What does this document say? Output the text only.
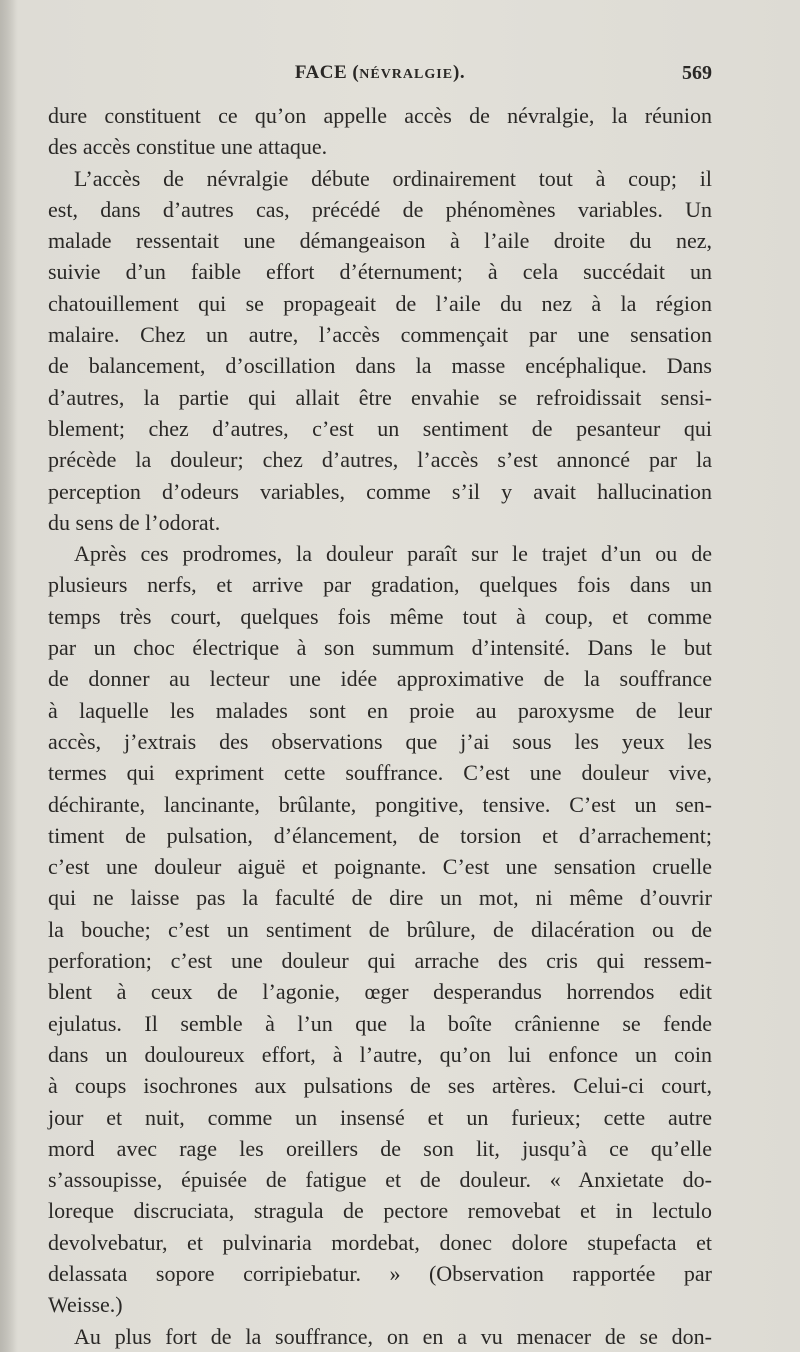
FACE (NÉVRALGIE).	569
dure constituent ce qu’on appelle accès de névralgie, la réunion
des accès constitue une attaque.
L’accès de névralgie débute ordinairement tout à coup; il
est, dans d’autres cas, précédé de phénomènes variables. Un
malade ressentait une démangeaison à l’aile droite du nez,
suivie d’un faible effort d’éternument; à cela succédait un
chatouillement qui se propageait de l’aile du nez à la région
malaire. Chez un autre, l’accès commençait par une sensation
de balancement, d’oscillation dans la masse encéphalique. Dans
d’autres, la partie qui allait être envahie se refroidissait sensi-
blement; chez d’autres, c’est un sentiment de pesanteur qui
précède la douleur; chez d’autres, l’accès s’est annoncé par la
perception d’odeurs variables, comme s’il y avait hallucination
du sens de l’odorat.
Après ces prodromes, la douleur paraît sur le trajet d’un ou de
plusieurs nerfs, et arrive par gradation, quelques fois dans un
temps très court, quelques fois même tout à coup, et comme
par un choc électrique à son summum d’intensité. Dans le but
de donner au lecteur une idée approximative de la souffrance
à laquelle les malades sont en proie au paroxysme de leur
accès, j’extrais des observations que j’ai sous les yeux les
termes qui expriment cette souffrance. C’est une douleur vive,
déchirante, lancinante, brûlante, pongitive, tensive. C’est un sen-
timent de pulsation, d’élancement, de torsion et d’arrachement;
c’est une douleur aiguë et poignante. C’est une sensation cruelle
qui ne laisse pas la faculté de dire un mot, ni même d’ouvrir
la bouche; c’est un sentiment de brûlure, de dilacération ou de
perforation; c’est une douleur qui arrache des cris qui ressem-
blent à ceux de l’agonie, œger desperandus horrendos edit
ejulatus. Il semble à l’un que la boîte crânienne se fende
dans un douloureux effort, à l’autre, qu’on lui enfonce un coin
à coups isochrones aux pulsations de ses artères. Celui-ci court,
jour et nuit, comme un insensé et un furieux; cette autre
mord avec rage les oreillers de son lit, jusqu’à ce qu’elle
s’assoupisse, épuisée de fatigue et de douleur. « Anxietate do-
loreque discruciata, stragula de pectore removebat et in lectulo
devolvebatur, et pulvinaria mordebat, donec dolore stupefacta et
delassata sopore corripiebatur. » (Observation rapportée par
Weisse.)
Au plus fort de la souffrance, on en a vu menacer de se don-
